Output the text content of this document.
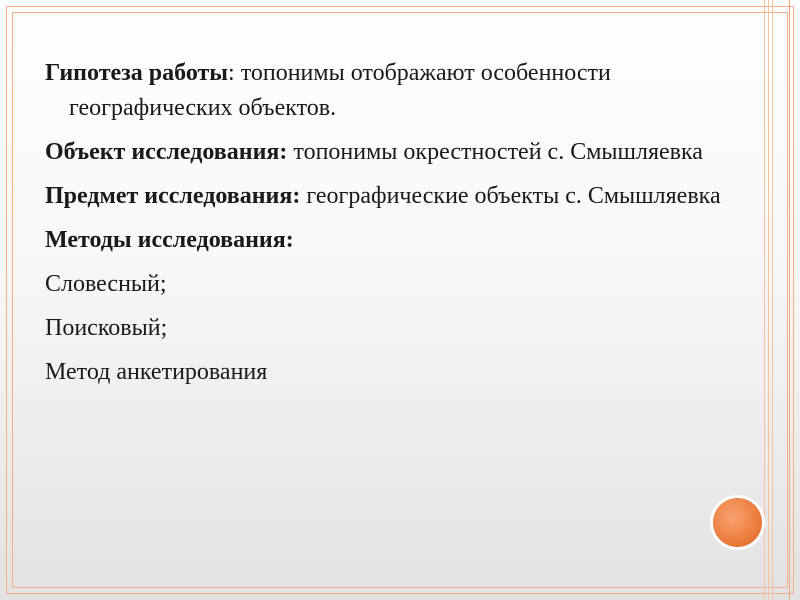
Гипотеза работы: топонимы отображают особенности географических объектов.
Объект исследования: топонимы окрестностей с. Смышляевка
Предмет исследования: географические объекты с. Смышляевка
Методы исследования:
Словесный;
Поисковый;
Метод анкетирования
